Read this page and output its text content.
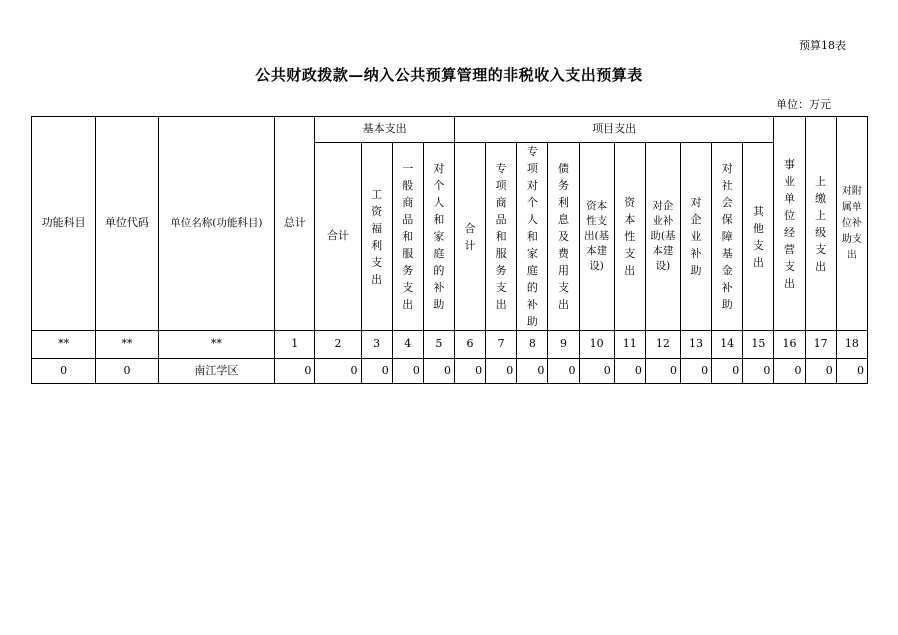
预算18表
公共财政拨款—纳入公共预算管理的非税收入支出预算表
单位：万元
功能科目	单位代码	单位名称(功能科目)	总计	基本支出				项目支出										事业单位经营支出	上缴上级支出	对附属单位补助支出
				合计	工资福利支出	一般商品和服务支出	对个人和家庭的补助	合计	专项商品和服务支出	专项对个人和家庭的补助	债务利息及费用支出	资本性支出(基本建设)	资本性支出	对企业补助(基本建设)	对企业补助	对社会保障基金补助	其他支出			
**	**	**	1	2	3	4	5	6	7	8	9	10	11	12	13	14	15	16	17	18
0	0	南江学区	0	0	0	0	0	0	0	0	0	0	0	0	0	0	0	0	0	0
